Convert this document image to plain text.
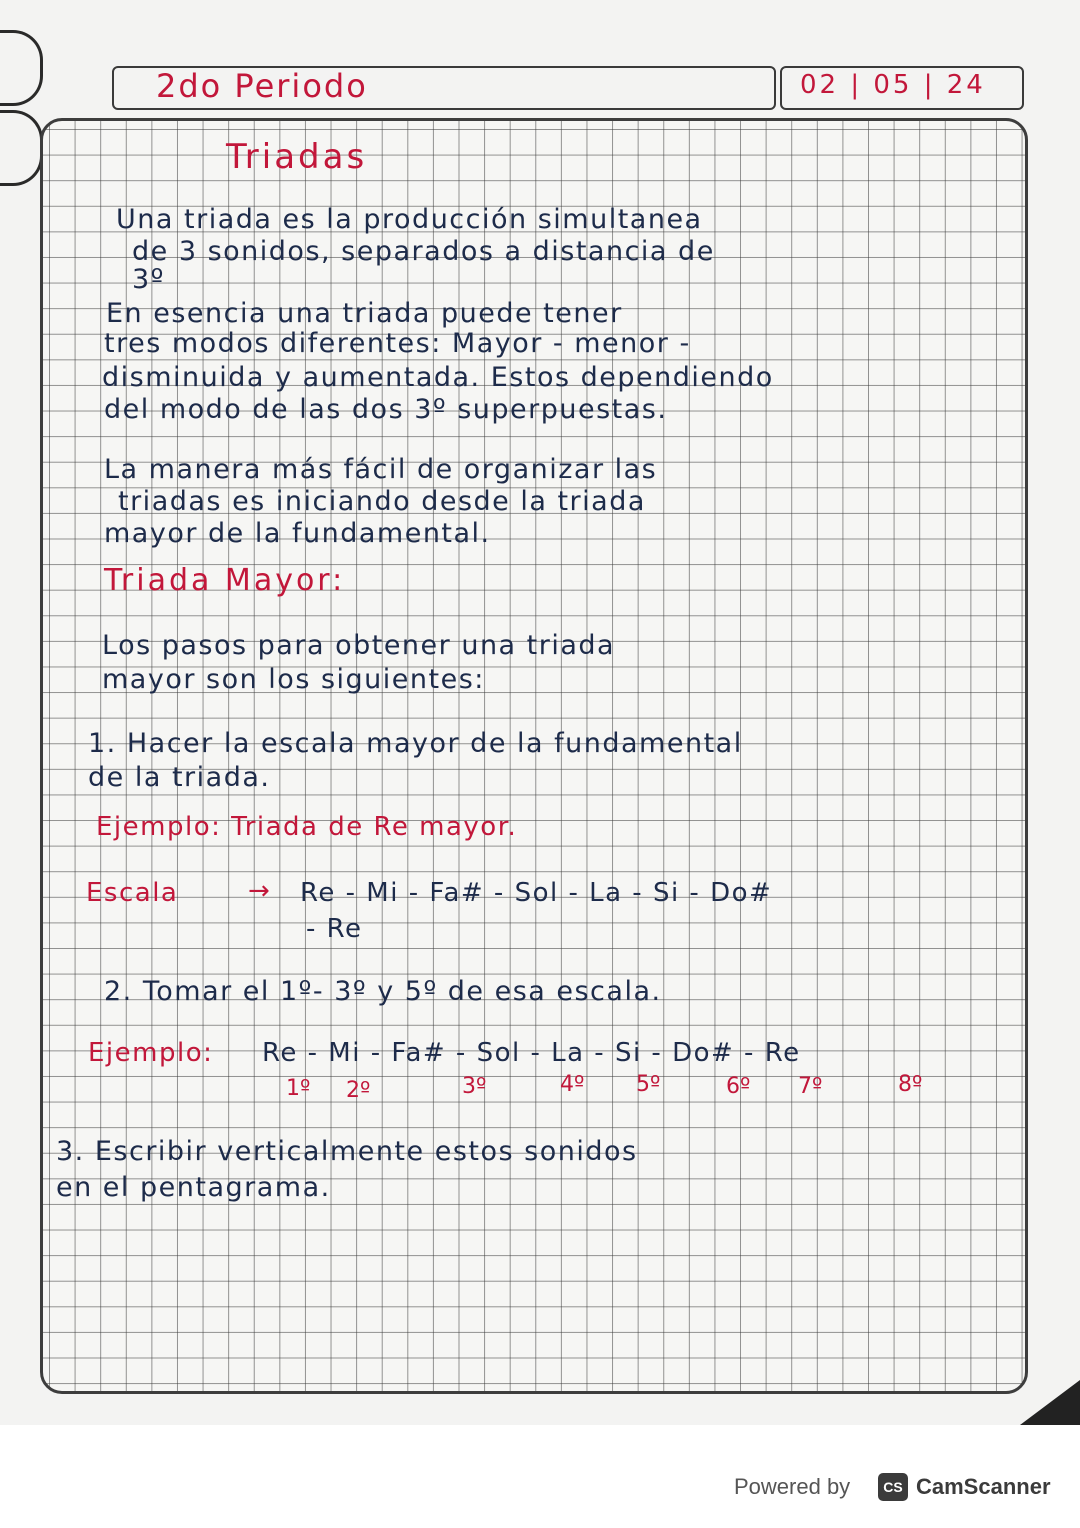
2do Periodo	02 | 05 | 24
Triadas
Una triada es la producción simultanea
de 3 sonidos, separados a distancia de
3º
En esencia una triada puede tener
tres modos diferentes: Mayor - menor -
disminuida y aumentada. Estos dependiendo
del modo de las dos 3º superpuestas.
La manera más fácil de organizar las
triadas es iniciando desde la triada
mayor de la fundamental.
Triada Mayor:
Los pasos para obtener una triada
mayor son los siguientes:
1. Hacer la escala mayor de la fundamental
de la triada.
Ejemplo: Triada de Re mayor.
Escala	→ Re - Mi - Fa# - Sol - La - Si - Do#
- Re
2. Tomar el 1º- 3º y 5º de esa escala.
Ejemplo: Re - Mi - Fa# - Sol - La - Si - Do# - Re
1º 2º	3º	4º 5º	6º 7º	8º
3. Escribir verticalmente estos sonidos
en el pentagrama.
Powered by	CS CamScanner
